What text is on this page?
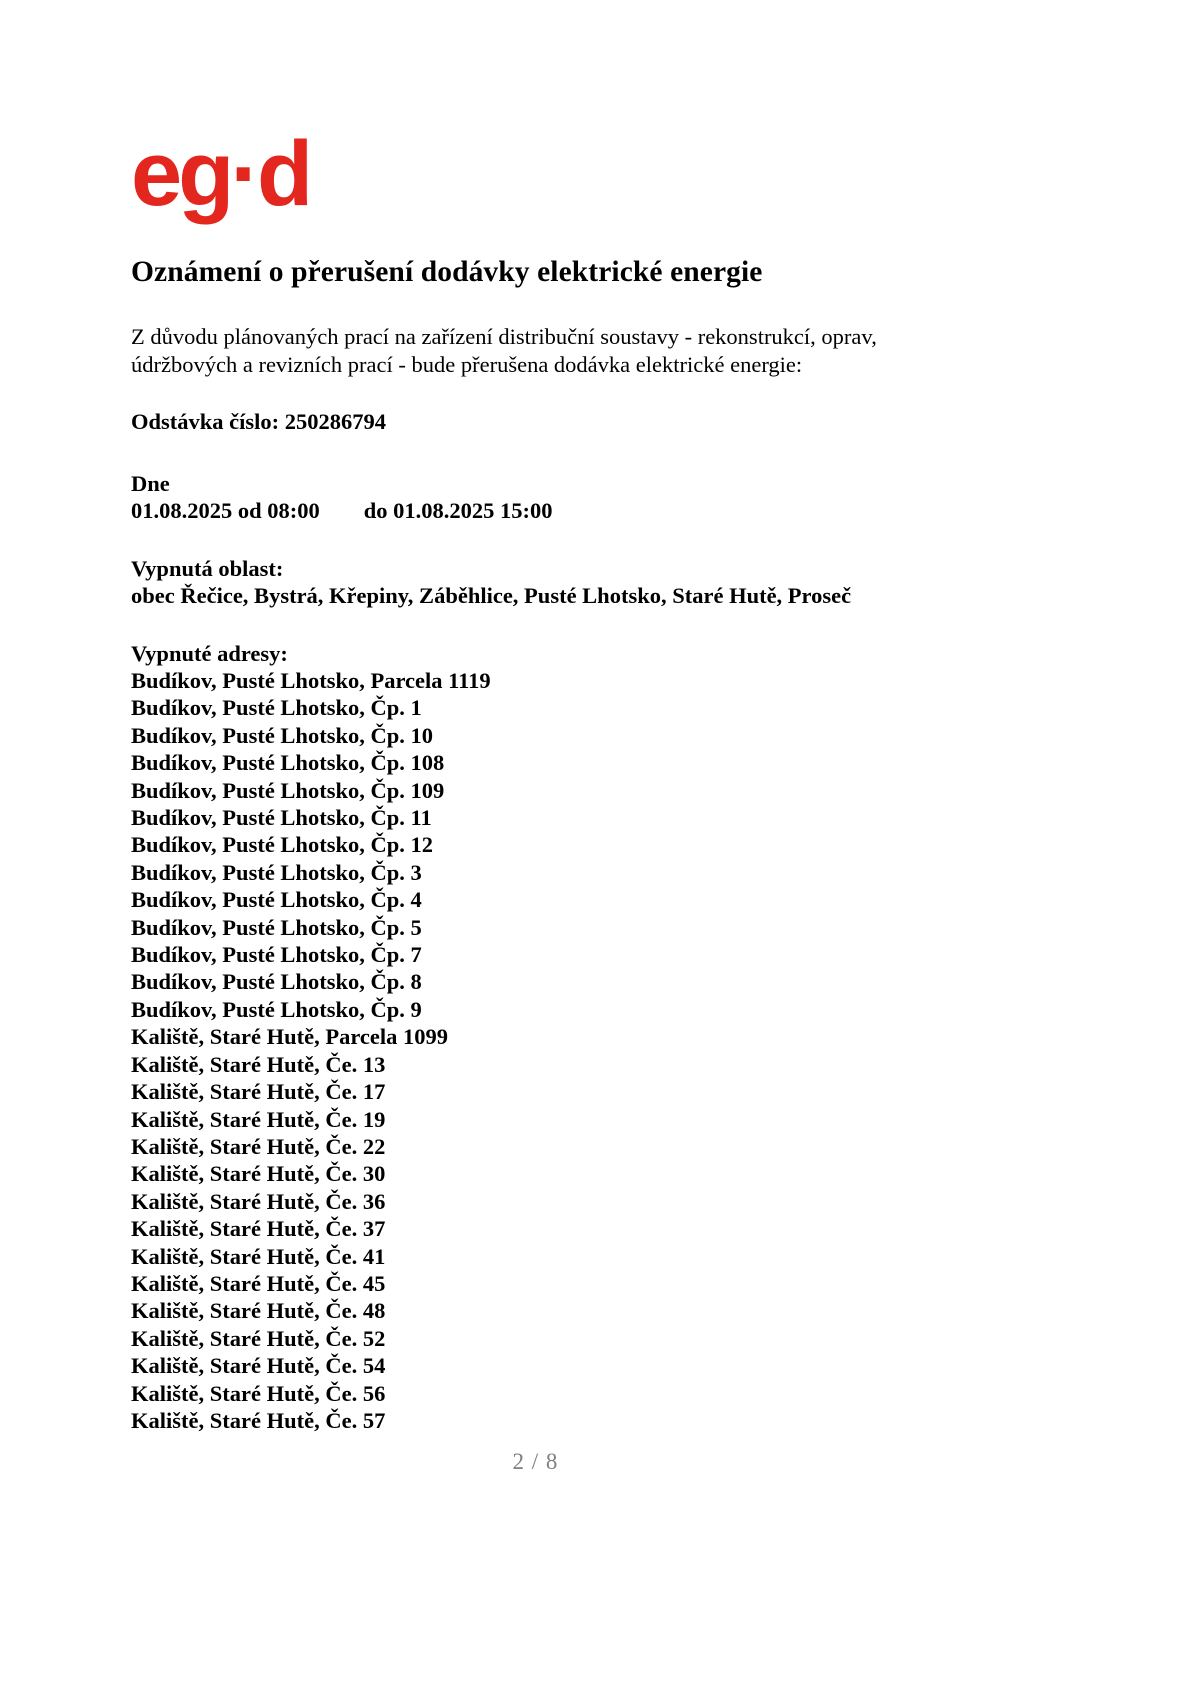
eg·d
Oznámení o přerušení dodávky elektrické energie

Z důvodu plánovaných prací na zařízení distribuční soustavy - rekonstrukcí, oprav,
údržbových a revizních prací - bude přerušena dodávka elektrické energie:

Odstávka číslo: 250286794
Dne
01.08.2025 od 08:00 do 01.08.2025 15:00
Vypnutá oblast:
obec Řečice, Bystrá, Křepiny, Záběhlice, Pusté Lhotsko, Staré Hutě, Proseč
Vypnuté adresy:
Budíkov, Pusté Lhotsko, Parcela 1119
Budíkov, Pusté Lhotsko, Čp. 1
Budíkov, Pusté Lhotsko, Čp. 10
Budíkov, Pusté Lhotsko, Čp. 108
Budíkov, Pusté Lhotsko, Čp. 109
Budíkov, Pusté Lhotsko, Čp. 11
Budíkov, Pusté Lhotsko, Čp. 12
Budíkov, Pusté Lhotsko, Čp. 3
Budíkov, Pusté Lhotsko, Čp. 4
Budíkov, Pusté Lhotsko, Čp. 5
Budíkov, Pusté Lhotsko, Čp. 7
Budíkov, Pusté Lhotsko, Čp. 8
Budíkov, Pusté Lhotsko, Čp. 9
Kaliště, Staré Hutě, Parcela 1099
Kaliště, Staré Hutě, Če. 13
Kaliště, Staré Hutě, Če. 17
Kaliště, Staré Hutě, Če. 19
Kaliště, Staré Hutě, Če. 22
Kaliště, Staré Hutě, Če. 30
Kaliště, Staré Hutě, Če. 36
Kaliště, Staré Hutě, Če. 37
Kaliště, Staré Hutě, Če. 41
Kaliště, Staré Hutě, Če. 45
Kaliště, Staré Hutě, Če. 48
Kaliště, Staré Hutě, Če. 52
Kaliště, Staré Hutě, Če. 54
Kaliště, Staré Hutě, Če. 56
Kaliště, Staré Hutě, Če. 57
2 / 8
